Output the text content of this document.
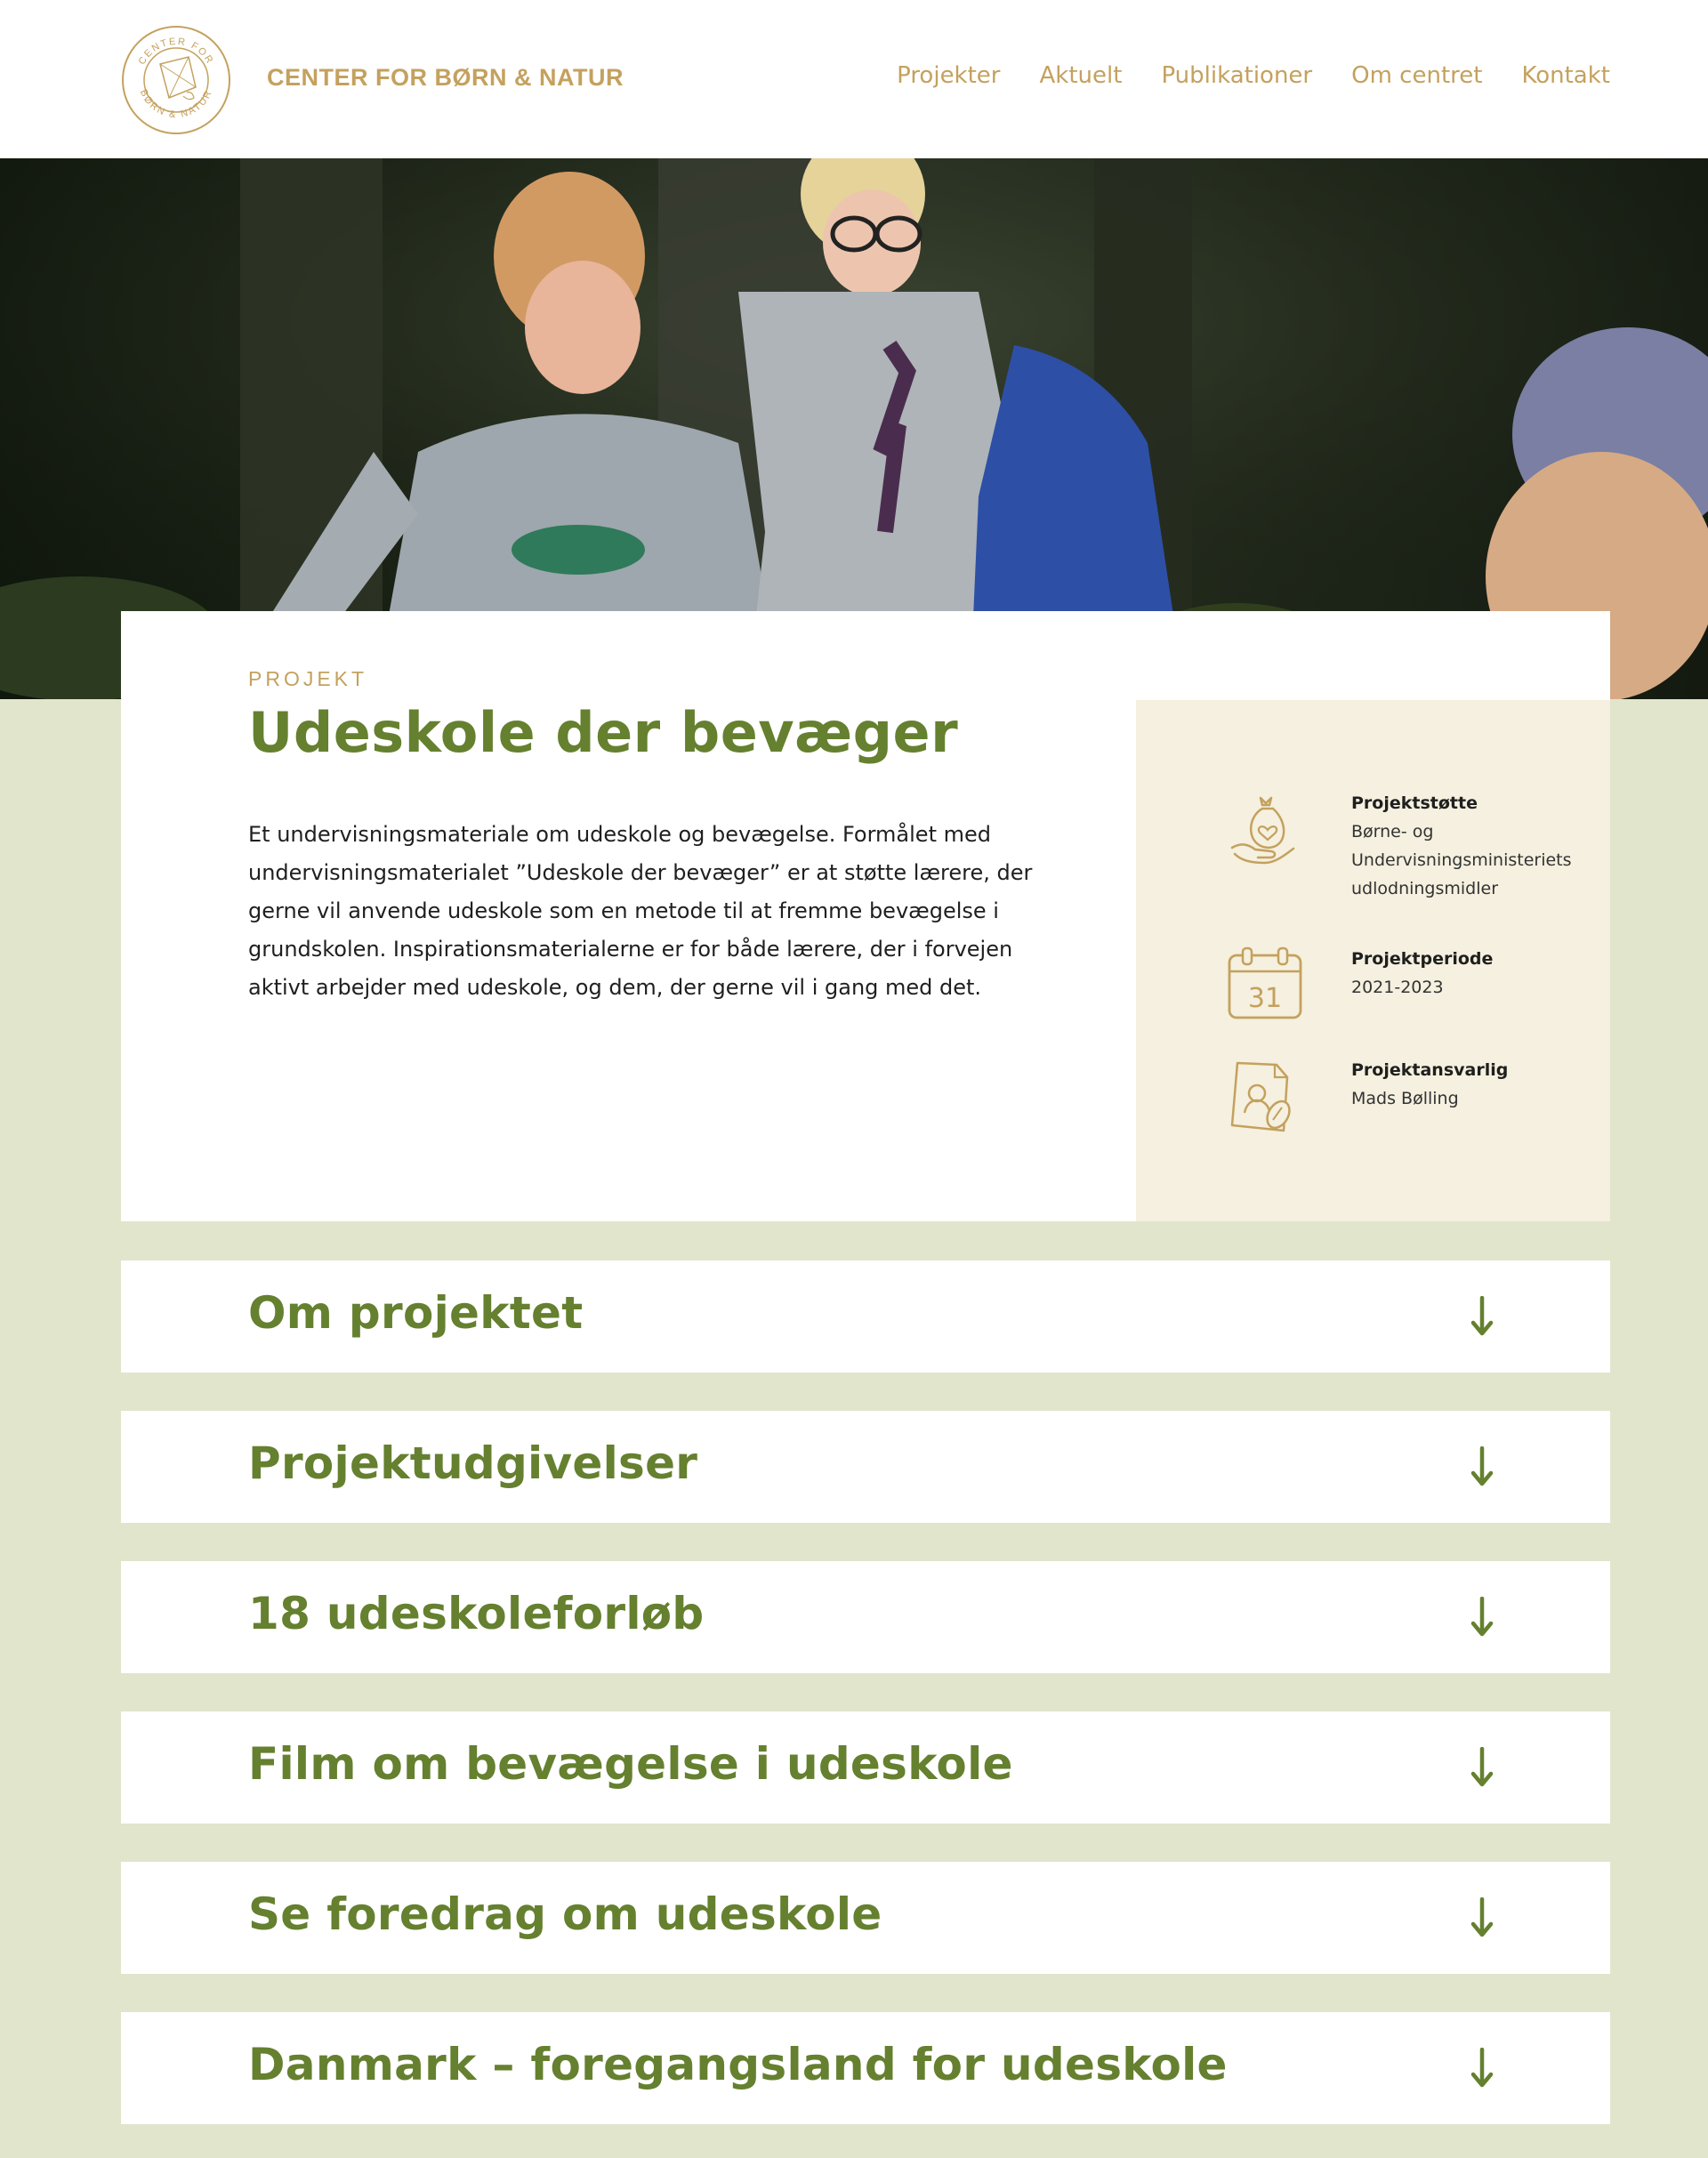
CENTER FOR
BØRN & NATUR
CENTER FOR BØRN & NATUR	Projekter Aktuelt Publikationer Om centret Kontakt
PROJEKT
Udeskole der bevæger
Et undervisningsmateriale om udeskole og bevægelse. Formålet med
undervisningsmaterialet ”Udeskole der bevæger” er at støtte lærere, der
gerne vil anvende udeskole som en metode til at fremme bevægelse i
grundskolen. Inspirationsmaterialerne er for både lærere, der i forvejen
aktivt arbejder med udeskole, og dem, der gerne vil i gang med det.
Projektstøtte
Børne- og
Undervisningsministeriets
udlodningsmidler
31
Projektperiode
2021-2023
Projektansvarlig
Mads Bølling
Om projektet
Projektudgivelser
18 udeskoleforløb
Film om bevægelse i udeskole
Se foredrag om udeskole
Danmark – foregangsland for udeskole
